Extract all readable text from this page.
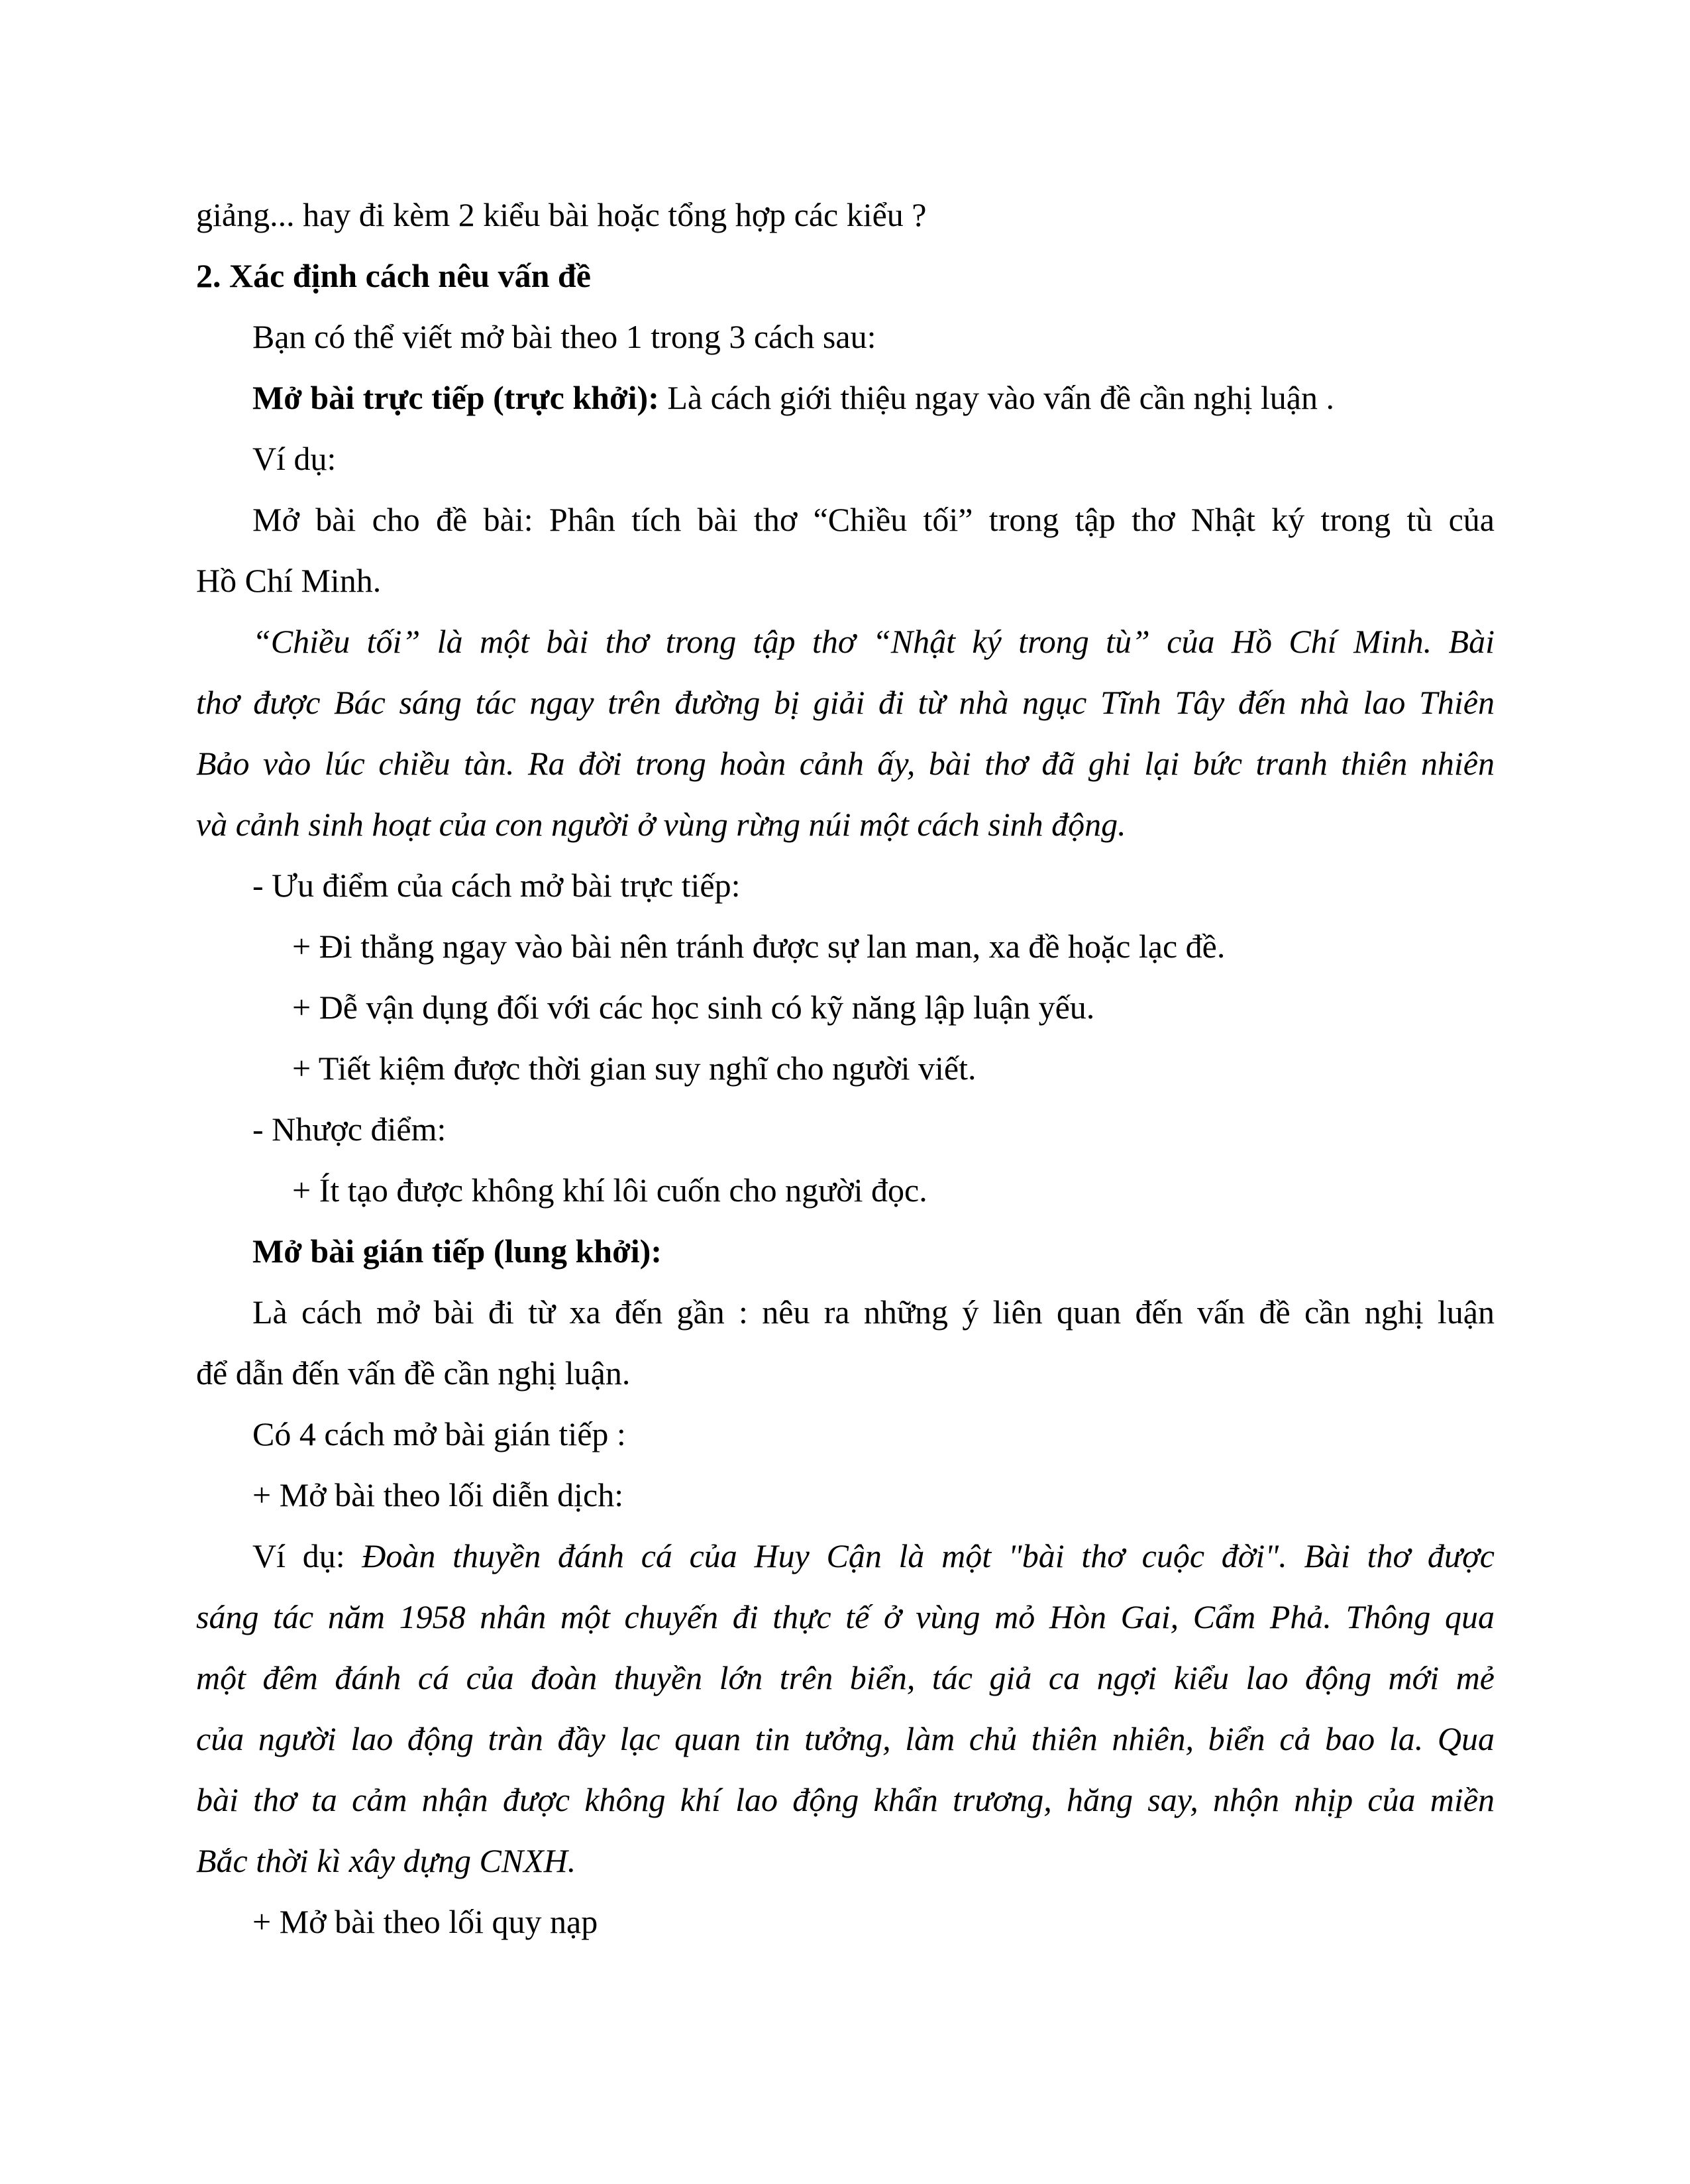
giảng... hay đi kèm 2 kiểu bài hoặc tổng hợp các kiểu ?
2. Xác định cách nêu vấn đề
Bạn có thể viết mở bài theo 1 trong 3 cách sau:
Mở bài trực tiếp (trực khởi): Là cách giới thiệu ngay vào vấn đề cần nghị luận .
Ví dụ:
Mở bài cho đề bài: Phân tích bài thơ “Chiều tối” trong tập thơ Nhật ký trong tù của
Hồ Chí Minh.
“Chiều tối” là một bài thơ trong tập thơ “Nhật ký trong tù” của Hồ Chí Minh. Bài
thơ được Bác sáng tác ngay trên đường bị giải đi từ nhà ngục Tĩnh Tây đến nhà lao Thiên
Bảo vào lúc chiều tàn. Ra đời trong hoàn cảnh ấy, bài thơ đã ghi lại bức tranh thiên nhiên
và cảnh sinh hoạt của con người ở vùng rừng núi một cách sinh động.
- Ưu điểm của cách mở bài trực tiếp:
+ Đi thẳng ngay vào bài nên tránh được sự lan man, xa đề hoặc lạc đề.
+ Dễ vận dụng đối với các học sinh có kỹ năng lập luận yếu.
+ Tiết kiệm được thời gian suy nghĩ cho người viết.
- Nhược điểm:
+ Ít tạo được không khí lôi cuốn cho người đọc.
Mở bài gián tiếp (lung khởi):
Là cách mở bài đi từ xa đến gần : nêu ra những ý liên quan đến vấn đề cần nghị luận
để dẫn đến vấn đề cần nghị luận.
Có 4 cách mở bài gián tiếp :
+ Mở bài theo lối diễn dịch:
Ví dụ: Đoàn thuyền đánh cá của Huy Cận là một "bài thơ cuộc đời". Bài thơ được
sáng tác năm 1958 nhân một chuyến đi thực tế ở vùng mỏ Hòn Gai, Cẩm Phả. Thông qua
một đêm đánh cá của đoàn thuyền lớn trên biển, tác giả ca ngợi kiểu lao động mới mẻ
của người lao động tràn đầy lạc quan tin tưởng, làm chủ thiên nhiên, biển cả bao la. Qua
bài thơ ta cảm nhận được không khí lao động khẩn trương, hăng say, nhộn nhịp của miền
Bắc thời kì xây dựng CNXH.
+ Mở bài theo lối quy nạp
